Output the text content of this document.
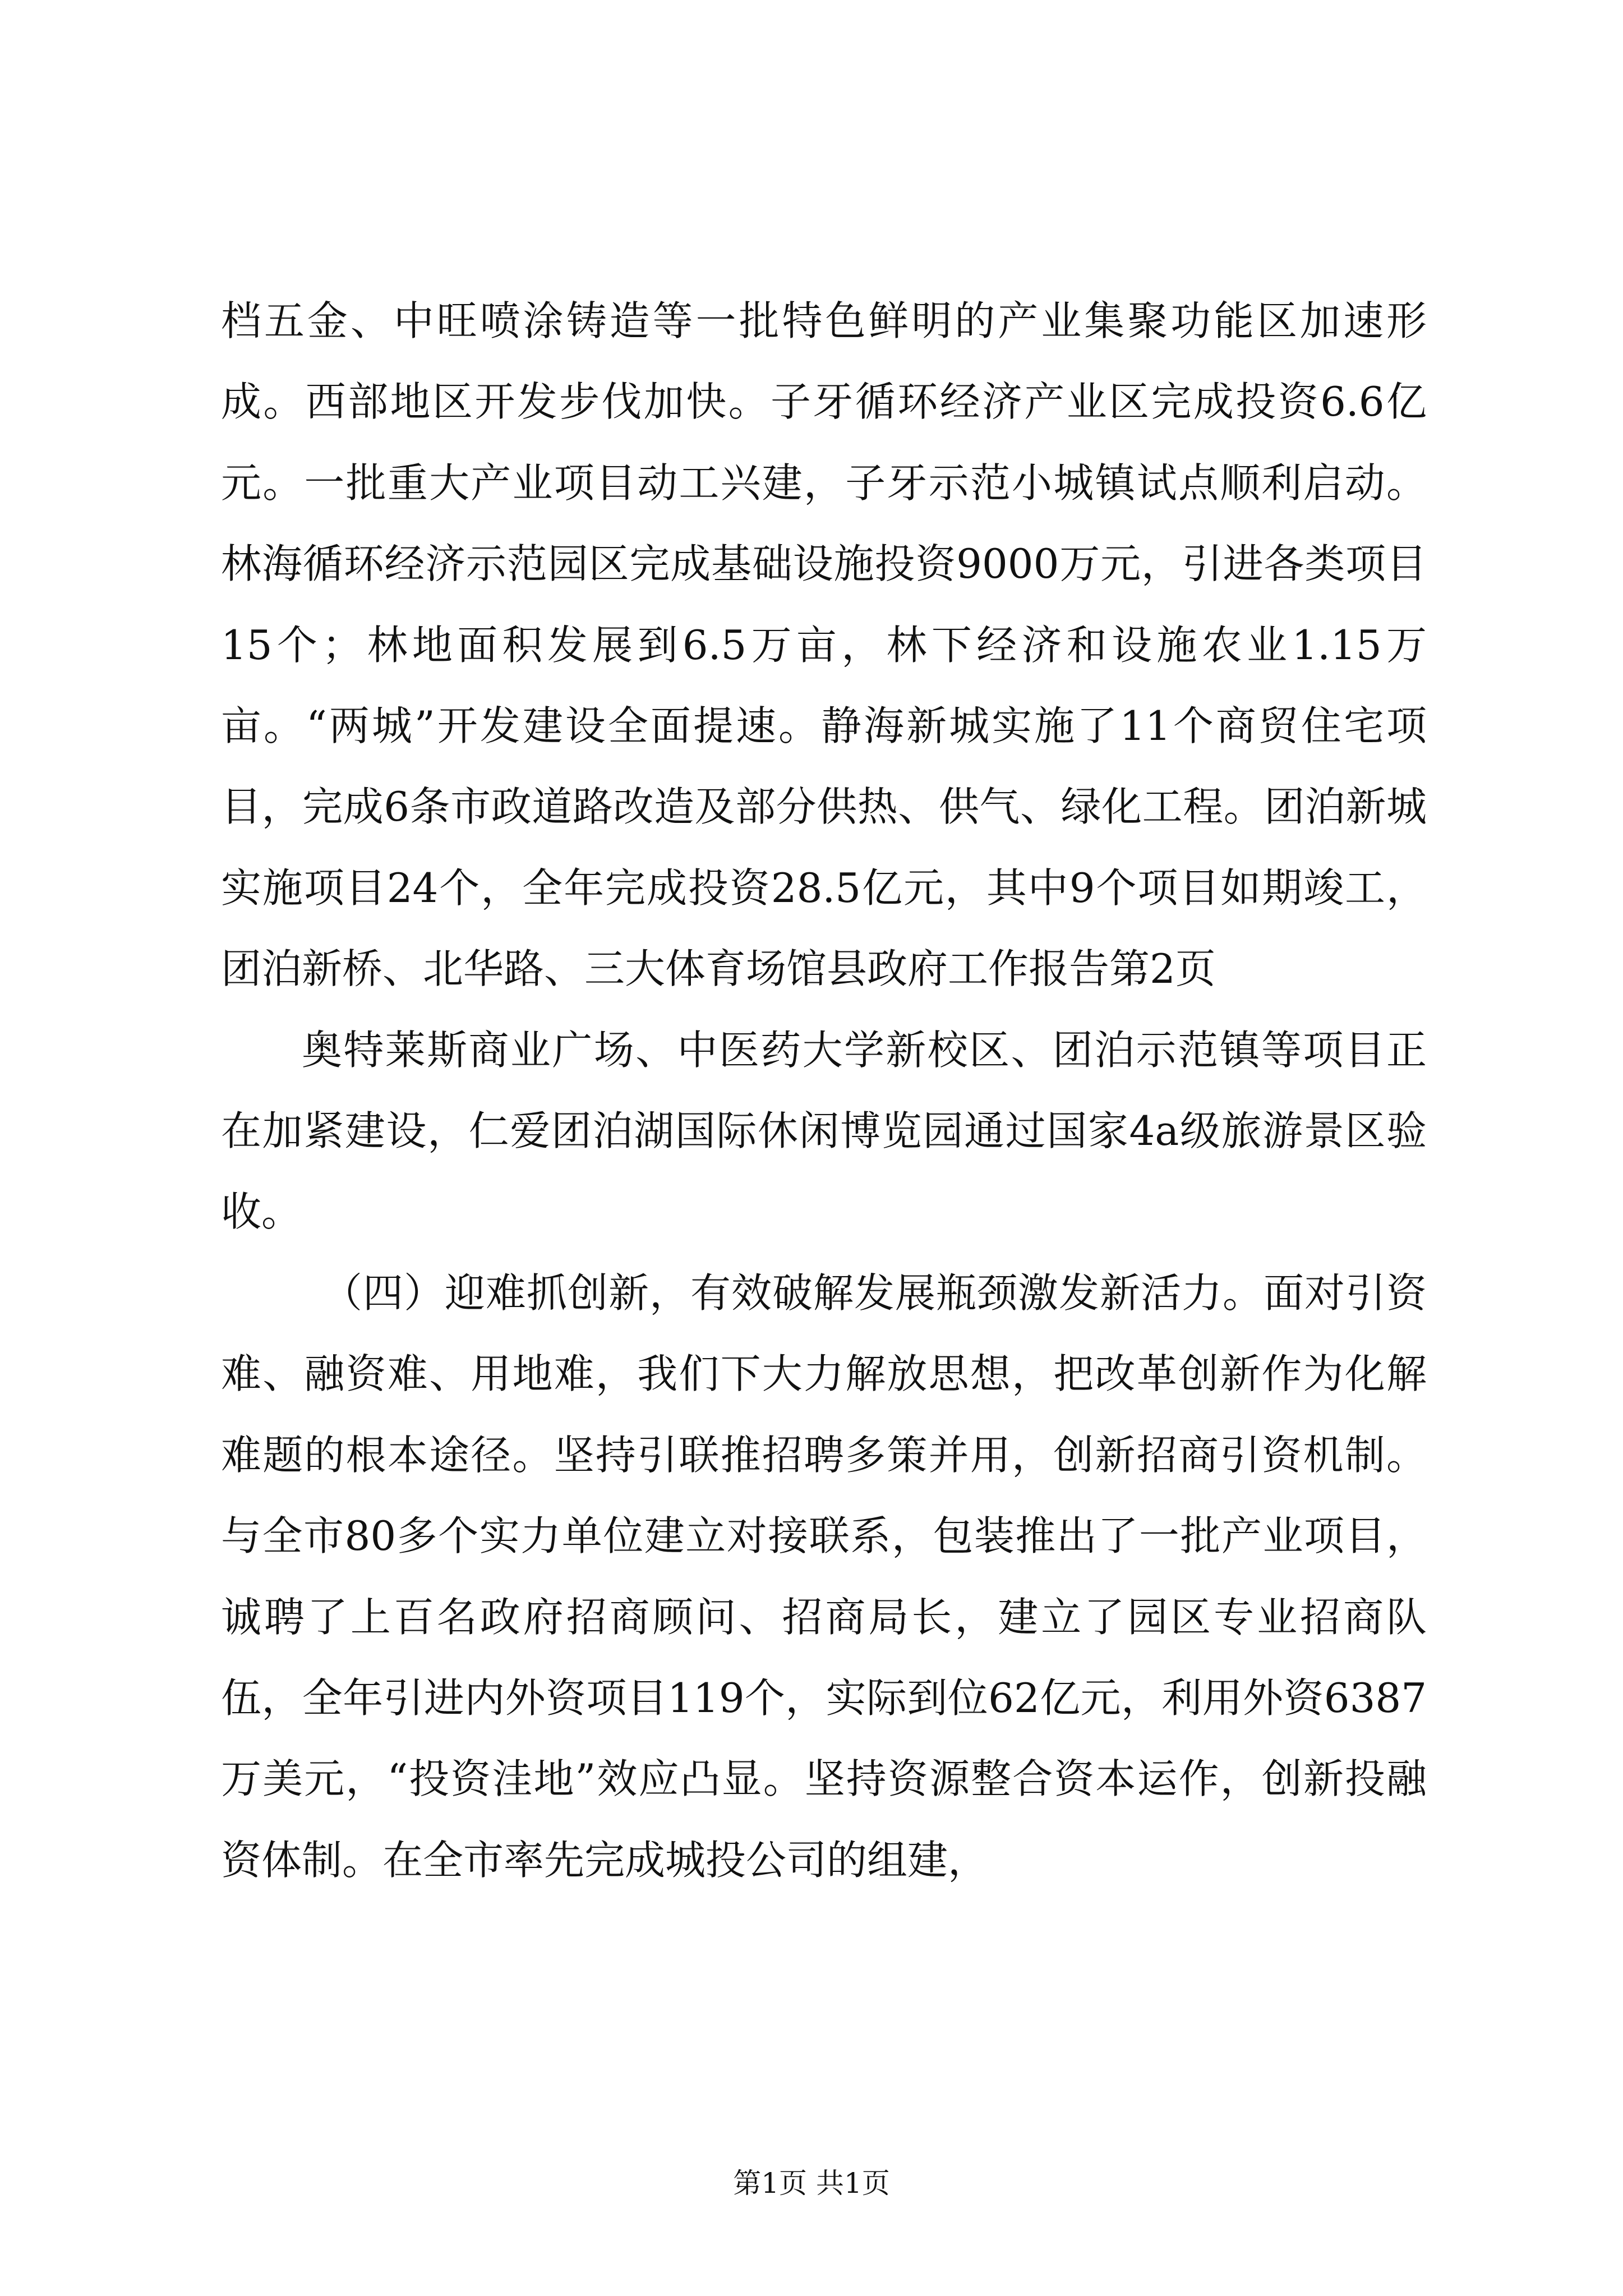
档五金、中旺喷涂铸造等一批特色鲜明的产业集聚功能区加速形成。西部地区开发步伐加快。子牙循环经济产业区完成投资6.6亿元。一批重大产业项目动工兴建，子牙示范小城镇试点顺利启动。林海循环经济示范园区完成基础设施投资9000万元，引进各类项目15个；林地面积发展到6.5万亩，林下经济和设施农业1.15万亩。“两城”开发建设全面提速。静海新城实施了11个商贸住宅项目，完成6条市政道路改造及部分供热、供气、绿化工程。团泊新城实施项目24个，全年完成投资28.5亿元，其中9个项目如期竣工，团泊新桥、北华路、三大体育场馆县政府工作报告第2页

奥特莱斯商业广场、中医药大学新校区、团泊示范镇等项目正在加紧建设，仁爱团泊湖国际休闲博览园通过国家4a级旅游景区验收。

（四）迎难抓创新，有效破解发展瓶颈激发新活力。面对引资难、融资难、用地难，我们下大力解放思想，把改革创新作为化解难题的根本途径。坚持引联推招聘多策并用，创新招商引资机制。与全市80多个实力单位建立对接联系，包装推出了一批产业项目，诚聘了上百名政府招商顾问、招商局长，建立了园区专业招商队伍，全年引进内外资项目119个，实际到位62亿元，利用外资6387万美元，“投资洼地”效应凸显。坚持资源整合资本运作，创新投融资体制。在全市率先完成城投公司的组建，

第1页 共1页
